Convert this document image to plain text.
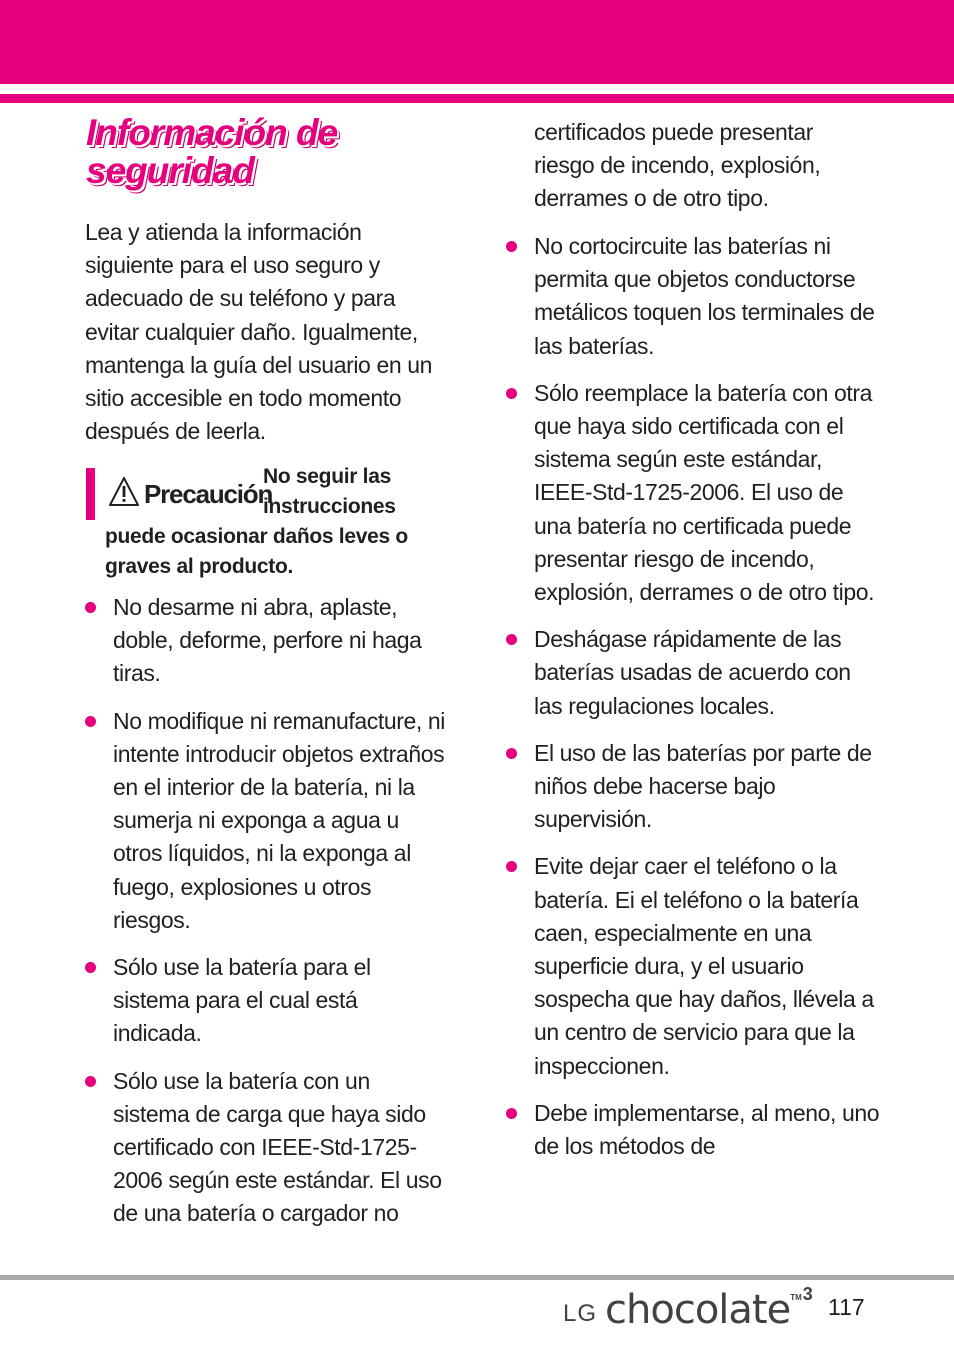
Información de
seguridad

Lea y atienda la información siguiente para el uso seguro y adecuado de su teléfono y para evitar cualquier daño. Igualmente, mantenga la guía del usuario en un sitio accesible en todo momento después de leerla.

No seguir las instrucciones puede ocasionar daños leves o graves al producto.

Precaución
No desarme ni abra, aplaste, doble, deforme, perfore ni haga tiras.
No modifique ni remanufacture, ni intente introducir objetos extraños en el interior de la batería, ni la sumerja ni exponga a agua u otros líquidos, ni la exponga al fuego, explosiones u otros riesgos.
Sólo use la batería para el sistema para el cual está indicada.
Sólo use la batería con un sistema de carga que haya sido certificado con IEEE-Std-1725-2006 según este estándar. El uso de una batería o cargador no

certificados puede presentar riesgo de incendo, explosión, derrames o de otro tipo.

No cortocircuite las baterías ni permita que objetos conductorse metálicos toquen los terminales de las baterías.
Sólo reemplace la batería con otra que haya sido certificada con el sistema según este estándar, IEEE-Std-1725-2006. El uso de una batería no certificada puede presentar riesgo de incendo, explosión, derrames o de otro tipo.
Deshágase rápidamente de las baterías usadas de acuerdo con las regulaciones locales.
El uso de las baterías por parte de niños debe hacerse bajo supervisión.
Evite dejar caer el teléfono o la batería. Ei el teléfono o la batería caen, especialmente en una superficie dura, y el usuario sospecha que hay daños, llévela a un centro de servicio para que la inspeccionen.
Debe implementarse, al meno, uno de los métodos de
LG chocolate TM3 117
